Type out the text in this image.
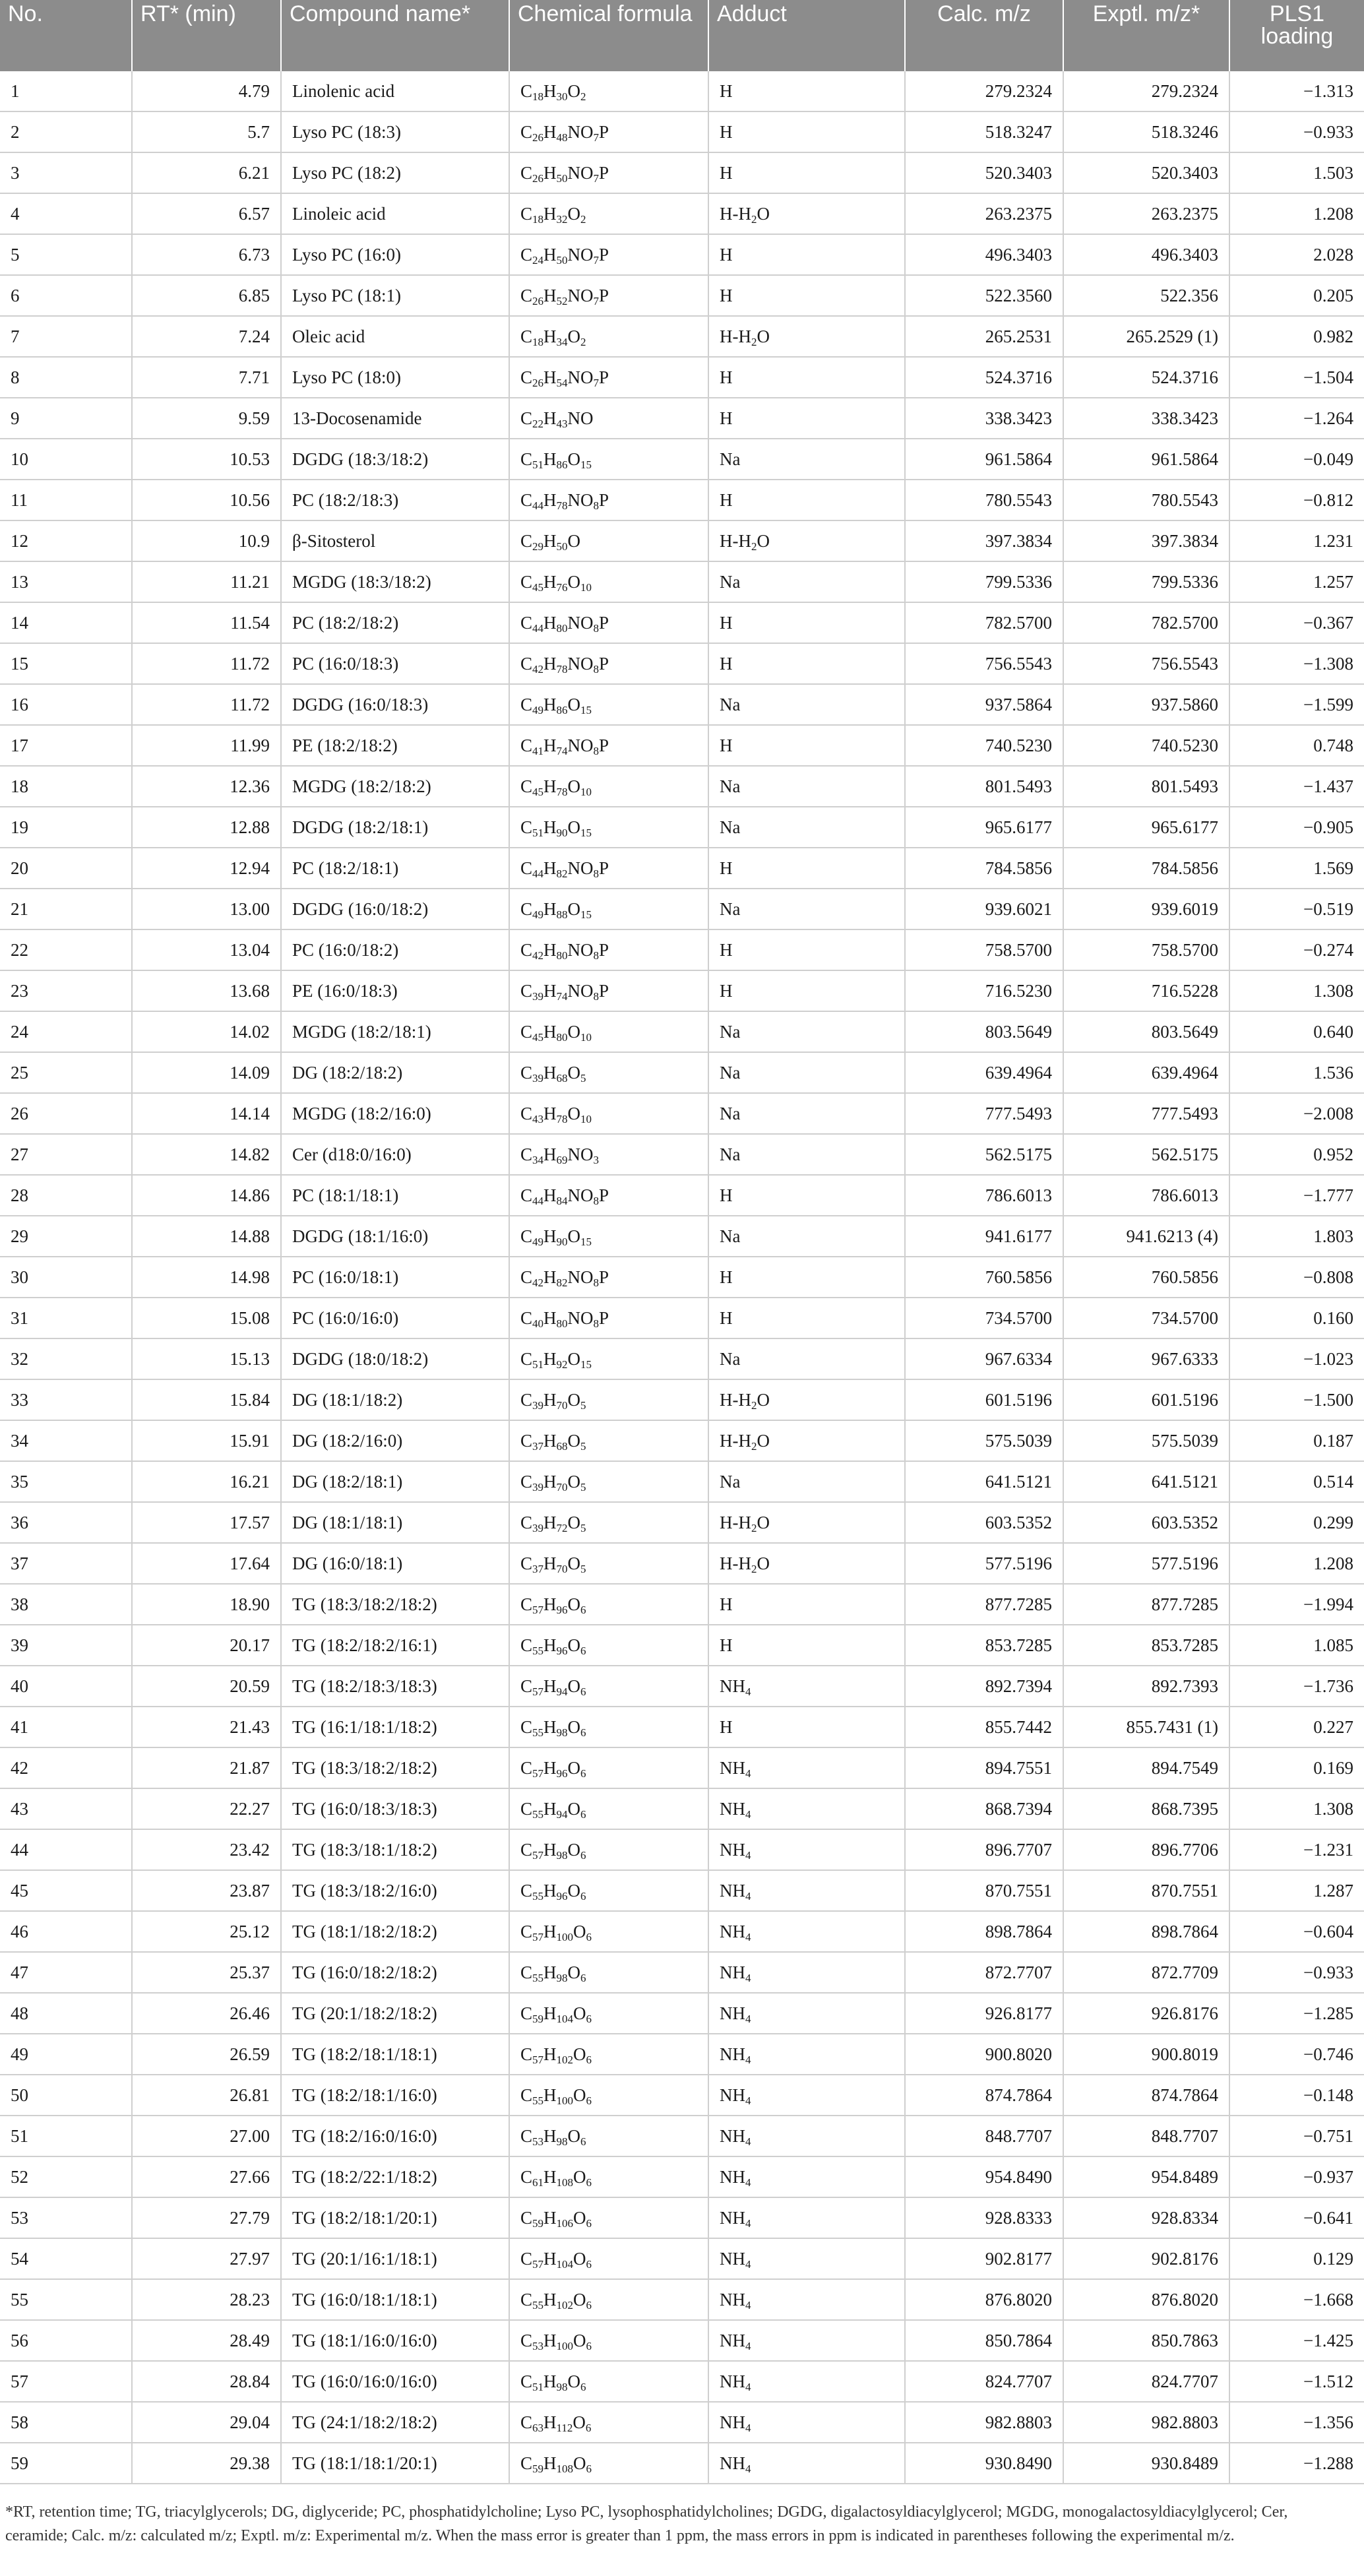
No.	RT* (min)	Compound name*	Chemical formula	Adduct	Calc. m/z	Exptl. m/z*	PLS1 loading
1	4.79	Linolenic acid	$C_{18}H_{30}O_2$	H	279.2324	279.2324	−1.313
2	5.7	Lyso PC (18:3)	$C_{26}H_{48}NO_7P$	H	518.3247	518.3246	−0.933
3	6.21	Lyso PC (18:2)	$C_{26}H_{50}NO_7P$	H	520.3403	520.3403	1.503
4	6.57	Linoleic acid	$C_{18}H_{32}O_2$	$H-H_2O$	263.2375	263.2375	1.208
5	6.73	Lyso PC (16:0)	$C_{24}H_{50}NO_7P$	H	496.3403	496.3403	2.028
6	6.85	Lyso PC (18:1)	$C_{26}H_{52}NO_7P$	H	522.3560	522.356	0.205
7	7.24	Oleic acid	$C_{18}H_{34}O_2$	$H-H_2O$	265.2531	265.2529 (1)	0.982
8	7.71	Lyso PC (18:0)	$C_{26}H_{54}NO_7P$	H	524.3716	524.3716	−1.504
9	9.59	13-Docosenamide	$C_{22}H_{43}NO$	H	338.3423	338.3423	−1.264
10	10.53	DGDG (18:3/18:2)	$C_{51}H_{86}O_{15}$	Na	961.5864	961.5864	−0.049
11	10.56	PC (18:2/18:3)	$C_{44}H_{78}NO_8P$	H	780.5543	780.5543	−0.812
12	10.9	β-Sitosterol	$C_{29}H_{50}O$	$H-H_2O$	397.3834	397.3834	1.231
13	11.21	MGDG (18:3/18:2)	$C_{45}H_{76}O_{10}$	Na	799.5336	799.5336	1.257
14	11.54	PC (18:2/18:2)	$C_{44}H_{80}NO_8P$	H	782.5700	782.5700	−0.367
15	11.72	PC (16:0/18:3)	$C_{42}H_{78}NO_8P$	H	756.5543	756.5543	−1.308
16	11.72	DGDG (16:0/18:3)	$C_{49}H_{86}O_{15}$	Na	937.5864	937.5860	−1.599
17	11.99	PE (18:2/18:2)	$C_{41}H_{74}NO_8P$	H	740.5230	740.5230	0.748
18	12.36	MGDG (18:2/18:2)	$C_{45}H_{78}O_{10}$	Na	801.5493	801.5493	−1.437
19	12.88	DGDG (18:2/18:1)	$C_{51}H_{90}O_{15}$	Na	965.6177	965.6177	−0.905
20	12.94	PC (18:2/18:1)	$C_{44}H_{82}NO_8P$	H	784.5856	784.5856	1.569
21	13.00	DGDG (16:0/18:2)	$C_{49}H_{88}O_{15}$	Na	939.6021	939.6019	−0.519
22	13.04	PC (16:0/18:2)	$C_{42}H_{80}NO_8P$	H	758.5700	758.5700	−0.274
23	13.68	PE (16:0/18:3)	$C_{39}H_{74}NO_8P$	H	716.5230	716.5228	1.308
24	14.02	MGDG (18:2/18:1)	$C_{45}H_{80}O_{10}$	Na	803.5649	803.5649	0.640
25	14.09	DG (18:2/18:2)	$C_{39}H_{68}O_5$	Na	639.4964	639.4964	1.536
26	14.14	MGDG (18:2/16:0)	$C_{43}H_{78}O_{10}$	Na	777.5493	777.5493	−2.008
27	14.82	Cer (d18:0/16:0)	$C_{34}H_{69}NO_3$	Na	562.5175	562.5175	0.952
28	14.86	PC (18:1/18:1)	$C_{44}H_{84}NO_8P$	H	786.6013	786.6013	−1.777
29	14.88	DGDG (18:1/16:0)	$C_{49}H_{90}O_{15}$	Na	941.6177	941.6213 (4)	1.803
30	14.98	PC (16:0/18:1)	$C_{42}H_{82}NO_8P$	H	760.5856	760.5856	−0.808
31	15.08	PC (16:0/16:0)	$C_{40}H_{80}NO_8P$	H	734.5700	734.5700	0.160
32	15.13	DGDG (18:0/18:2)	$C_{51}H_{92}O_{15}$	Na	967.6334	967.6333	−1.023
33	15.84	DG (18:1/18:2)	$C_{39}H_{70}O_5$	$H-H_2O$	601.5196	601.5196	−1.500
34	15.91	DG (18:2/16:0)	$C_{37}H_{68}O_5$	$H-H_2O$	575.5039	575.5039	0.187
35	16.21	DG (18:2/18:1)	$C_{39}H_{70}O_5$	Na	641.5121	641.5121	0.514
36	17.57	DG (18:1/18:1)	$C_{39}H_{72}O_5$	$H-H_2O$	603.5352	603.5352	0.299
37	17.64	DG (16:0/18:1)	$C_{37}H_{70}O_5$	$H-H_2O$	577.5196	577.5196	1.208
38	18.90	TG (18:3/18:2/18:2)	$C_{57}H_{96}O_6$	H	877.7285	877.7285	−1.994
39	20.17	TG (18:2/18:2/16:1)	$C_{55}H_{96}O_6$	H	853.7285	853.7285	1.085
40	20.59	TG (18:2/18:3/18:3)	$C_{57}H_{94}O_6$	$NH_4$	892.7394	892.7393	−1.736
41	21.43	TG (16:1/18:1/18:2)	$C_{55}H_{98}O_6$	H	855.7442	855.7431 (1)	0.227
42	21.87	TG (18:3/18:2/18:2)	$C_{57}H_{96}O_6$	$NH_4$	894.7551	894.7549	0.169
43	22.27	TG (16:0/18:3/18:3)	$C_{55}H_{94}O_6$	$NH_4$	868.7394	868.7395	1.308
44	23.42	TG (18:3/18:1/18:2)	$C_{57}H_{98}O_6$	$NH_4$	896.7707	896.7706	−1.231
45	23.87	TG (18:3/18:2/16:0)	$C_{55}H_{96}O_6$	$NH_4$	870.7551	870.7551	1.287
46	25.12	TG (18:1/18:2/18:2)	$C_{57}H_{100}O_6$	$NH_4$	898.7864	898.7864	−0.604
47	25.37	TG (16:0/18:2/18:2)	$C_{55}H_{98}O_6$	$NH_4$	872.7707	872.7709	−0.933
48	26.46	TG (20:1/18:2/18:2)	$C_{59}H_{104}O_6$	$NH_4$	926.8177	926.8176	−1.285
49	26.59	TG (18:2/18:1/18:1)	$C_{57}H_{102}O_6$	$NH_4$	900.8020	900.8019	−0.746
50	26.81	TG (18:2/18:1/16:0)	$C_{55}H_{100}O_6$	$NH_4$	874.7864	874.7864	−0.148
51	27.00	TG (18:2/16:0/16:0)	$C_{53}H_{98}O_6$	$NH_4$	848.7707	848.7707	−0.751
52	27.66	TG (18:2/22:1/18:2)	$C_{61}H_{108}O_6$	$NH_4$	954.8490	954.8489	−0.937
53	27.79	TG (18:2/18:1/20:1)	$C_{59}H_{106}O_6$	$NH_4$	928.8333	928.8334	−0.641
54	27.97	TG (20:1/16:1/18:1)	$C_{57}H_{104}O_6$	$NH_4$	902.8177	902.8176	0.129
55	28.23	TG (16:0/18:1/18:1)	$C_{55}H_{102}O_6$	$NH_4$	876.8020	876.8020	−1.668
56	28.49	TG (18:1/16:0/16:0)	$C_{53}H_{100}O_6$	$NH_4$	850.7864	850.7863	−1.425
57	28.84	TG (16:0/16:0/16:0)	$C_{51}H_{98}O_6$	$NH_4$	824.7707	824.7707	−1.512
58	29.04	TG (24:1/18:2/18:2)	$C_{63}H_{112}O_6$	$NH_4$	982.8803	982.8803	−1.356
59	29.38	TG (18:1/18:1/20:1)	$C_{59}H_{108}O_6$	$NH_4$	930.8490	930.8489	−1.288
*RT, retention time; TG, triacylglycerols; DG, diglyceride; PC, phosphatidylcholine; Lyso PC, lysophosphatidylcholines; DGDG, digalactosyldiacylglycerol; MGDG, monogalactosyldiacylglycerol; Cer, ceramide; Calc. m/z: calculated m/z; Exptl. m/z: Experimental m/z. When the mass error is greater than 1 ppm, the mass errors in ppm is indicated in parentheses following the experimental m/z.
